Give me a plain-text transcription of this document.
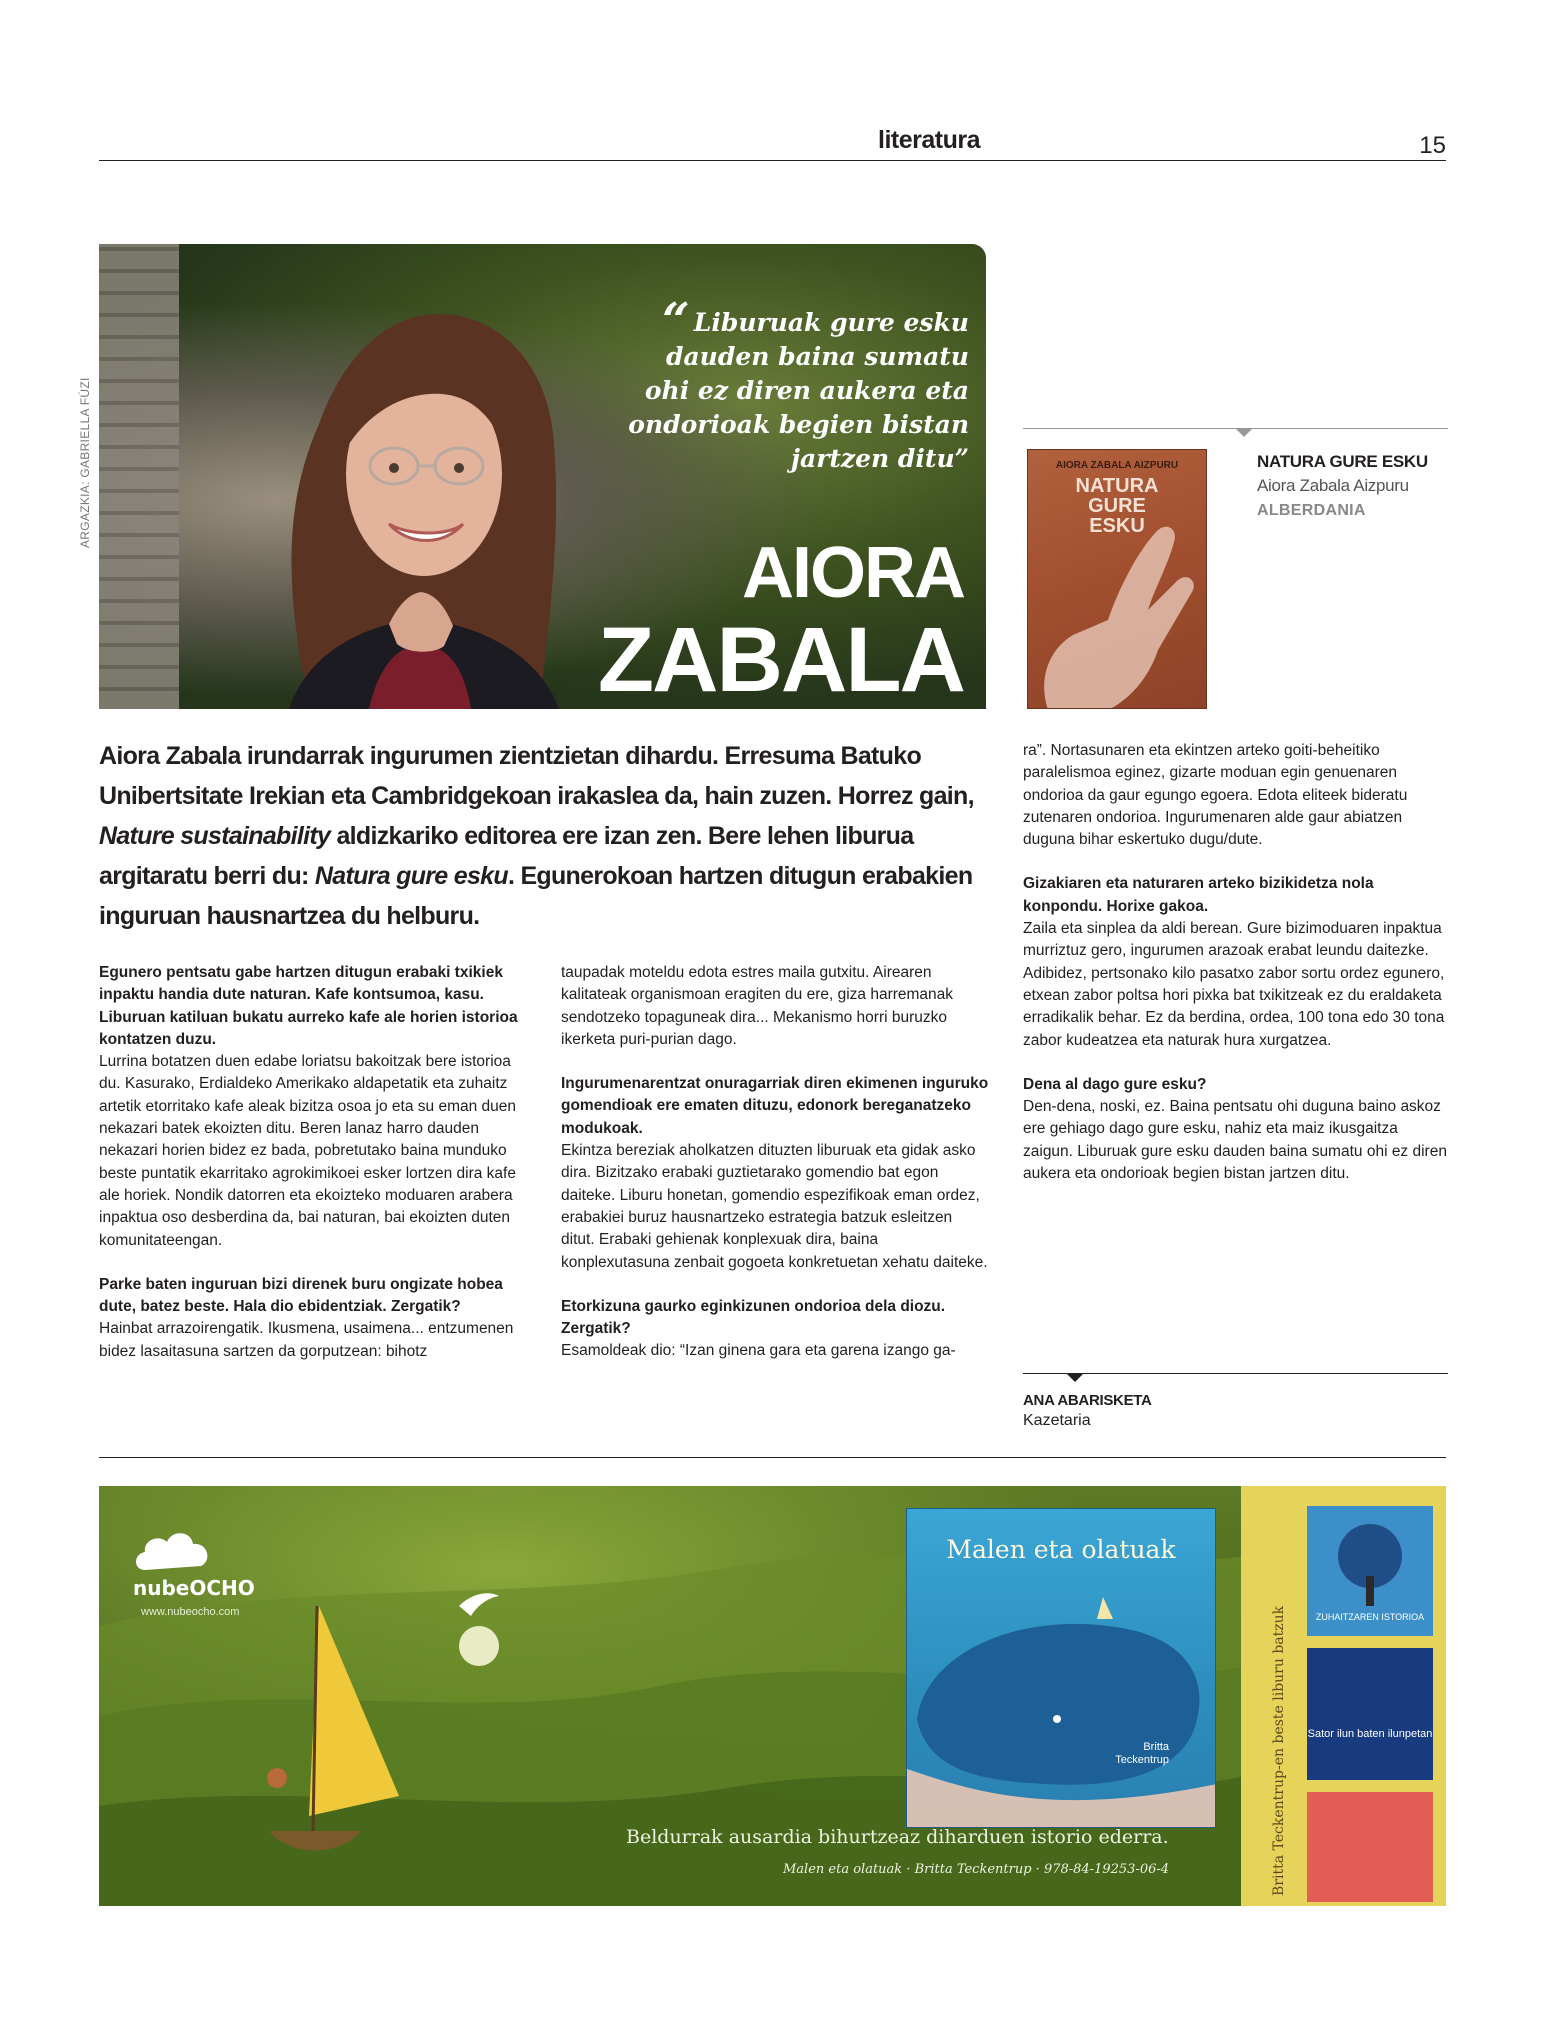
literatura	15
“ Liburuak gure esku dauden baina sumatu ohi ez diren aukera eta ondorioak begien bistan jartzen ditu”
AIORA
ZABALA
ARGAZKIA: GABRIELLA FÚZI	AIORA ZABALA AIZPURU
NATURA
GURE
ESKU
NATURA GURE ESKU
Aiora Zabala Aizpuru
ALBERDANIA
Aiora Zabala irundarrak ingurumen zientzietan dihardu. Erresuma Batuko Unibertsitate Irekian eta Cambridgekoan irakaslea da, hain zuzen. Horrez gain, Nature sustainability aldizkariko editorea ere izan zen. Bere lehen liburua argitaratu berri du: Natura gure esku. Egunerokoan hartzen ditugun erabakien inguruan hausnartzea du helburu.

Egunero pentsatu gabe hartzen ditugun erabaki txikiek inpaktu handia dute naturan. Kafe kontsumoa, kasu. Liburuan katiluan bukatu aurreko kafe ale horien istorioa kontatzen duzu.
Lurrina botatzen duen edabe loriatsu bakoitzak bere istorioa du. Kasurako, Erdialdeko Amerikako aldapetatik eta zuhaitz artetik etorritako kafe aleak bizitza osoa jo eta su eman duen nekazari batek ekoizten ditu. Beren lanaz harro dauden nekazari horien bidez ez bada, pobretutako baina munduko beste puntatik ekarritako agrokimikoei esker lortzen dira kafe ale horiek. Nondik datorren eta ekoizteko moduaren arabera inpaktua oso desberdina da, bai naturan, bai ekoizten duten komunitateengan.

Parke baten inguruan bizi direnek buru ongizate hobea dute, batez beste. Hala dio ebidentziak. Zergatik?
Hainbat arrazoirengatik. Ikusmena, usaimena... entzumenen bidez lasaitasuna sartzen da gorputzean: bihotz

taupadak moteldu edota estres maila gutxitu. Airearen kalitateak organismoan eragiten du ere, giza harremanak sendotzeko topaguneak dira... Mekanismo horri buruzko ikerketa puri-purian dago.

Ingurumenarentzat onuragarriak diren ekimenen inguruko gomendioak ere ematen dituzu, edonork bereganatzeko modukoak.
Ekintza bereziak aholkatzen dituzten liburuak eta gidak asko dira. Bizitzako erabaki guztietarako gomendio bat egon daiteke. Liburu honetan, gomendio espezifikoak eman ordez, erabakiei buruz hausnartzeko estrategia batzuk esleitzen ditut. Erabaki gehienak konplexuak dira, baina konplexutasuna zenbait gogoeta konkretuetan xehatu daiteke.

Etorkizuna gaurko eginkizunen ondorioa dela diozu. Zergatik?
Esamoldeak dio: “Izan ginena gara eta garena izango ga-

ra”. Nortasunaren eta ekintzen arteko goiti-beheitiko paralelismoa eginez, gizarte moduan egin genuenaren ondorioa da gaur egungo egoera. Edota eliteek bideratu zutenaren ondorioa. Ingurumenaren alde gaur abiatzen duguna bihar eskertuko dugu/dute.

Gizakiaren eta naturaren arteko bizikidetza nola konpondu. Horixe gakoa.
Zaila eta sinplea da aldi berean. Gure bizimoduaren inpaktua murriztuz gero, ingurumen arazoak erabat leundu daitezke. Adibidez, pertsonako kilo pasatxo zabor sortu ordez egunero, etxean zabor poltsa hori pixka bat txikitzeak ez du eraldaketa erradikalik behar. Ez da berdina, ordea, 100 tona edo 30 tona zabor kudeatzea eta naturak hura xurgatzea.

Dena al dago gure esku?
Den-dena, noski, ez. Baina pentsatu ohi duguna baino askoz ere gehiago dago gure esku, nahiz eta maiz ikusgaitza zaigun. Liburuak gure esku dauden baina sumatu ohi ez diren aukera eta ondorioak begien bistan jartzen ditu.

ANA ABARISKETA
Kazetaria
nubeOCHO
www.nubeocho.com
Malen eta olatuak
Britta
Teckentrup
Beldurrak ausardia bihurtzeaz diharduen istorio ederra.
Malen eta olatuak · Britta Teckentrup · 978-84-19253-06-4	Britta Teckentrup-en beste liburu batzuk	ZUHAITZAREN ISTORIOA
Sator ilun baten ilunpetan
